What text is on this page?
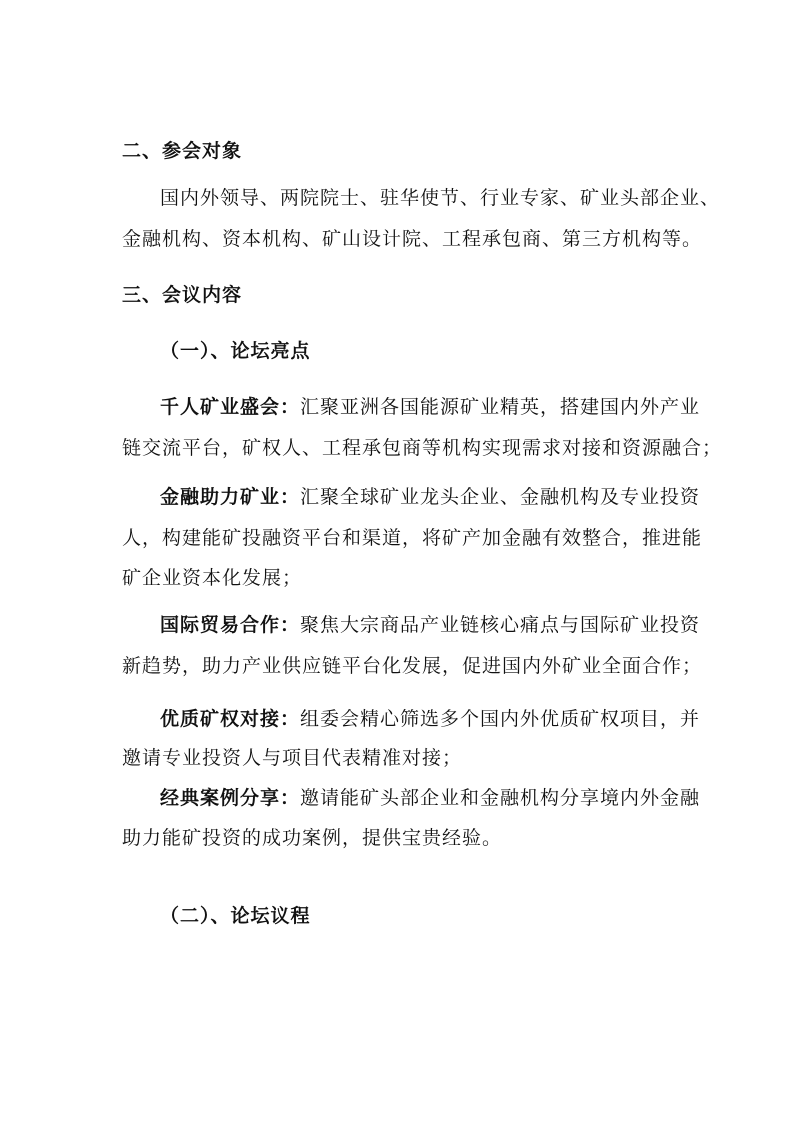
二、参会对象
国内外领导、两院院士、驻华使节、行业专家、矿业头部企业、
金融机构、资本机构、矿山设计院、工程承包商、第三方机构等。
三、会议内容
（一）、论坛亮点
千人矿业盛会：汇聚亚洲各国能源矿业精英，搭建国内外产业
链交流平台，矿权人、工程承包商等机构实现需求对接和资源融合；
金融助力矿业：汇聚全球矿业龙头企业、金融机构及专业投资
人，构建能矿投融资平台和渠道，将矿产加金融有效整合，推进能
矿企业资本化发展；
国际贸易合作：聚焦大宗商品产业链核心痛点与国际矿业投资
新趋势，助力产业供应链平台化发展，促进国内外矿业全面合作；
优质矿权对接：组委会精心筛选多个国内外优质矿权项目，并
邀请专业投资人与项目代表精准对接；
经典案例分享：邀请能矿头部企业和金融机构分享境内外金融
助力能矿投资的成功案例，提供宝贵经验。
（二）、论坛议程
